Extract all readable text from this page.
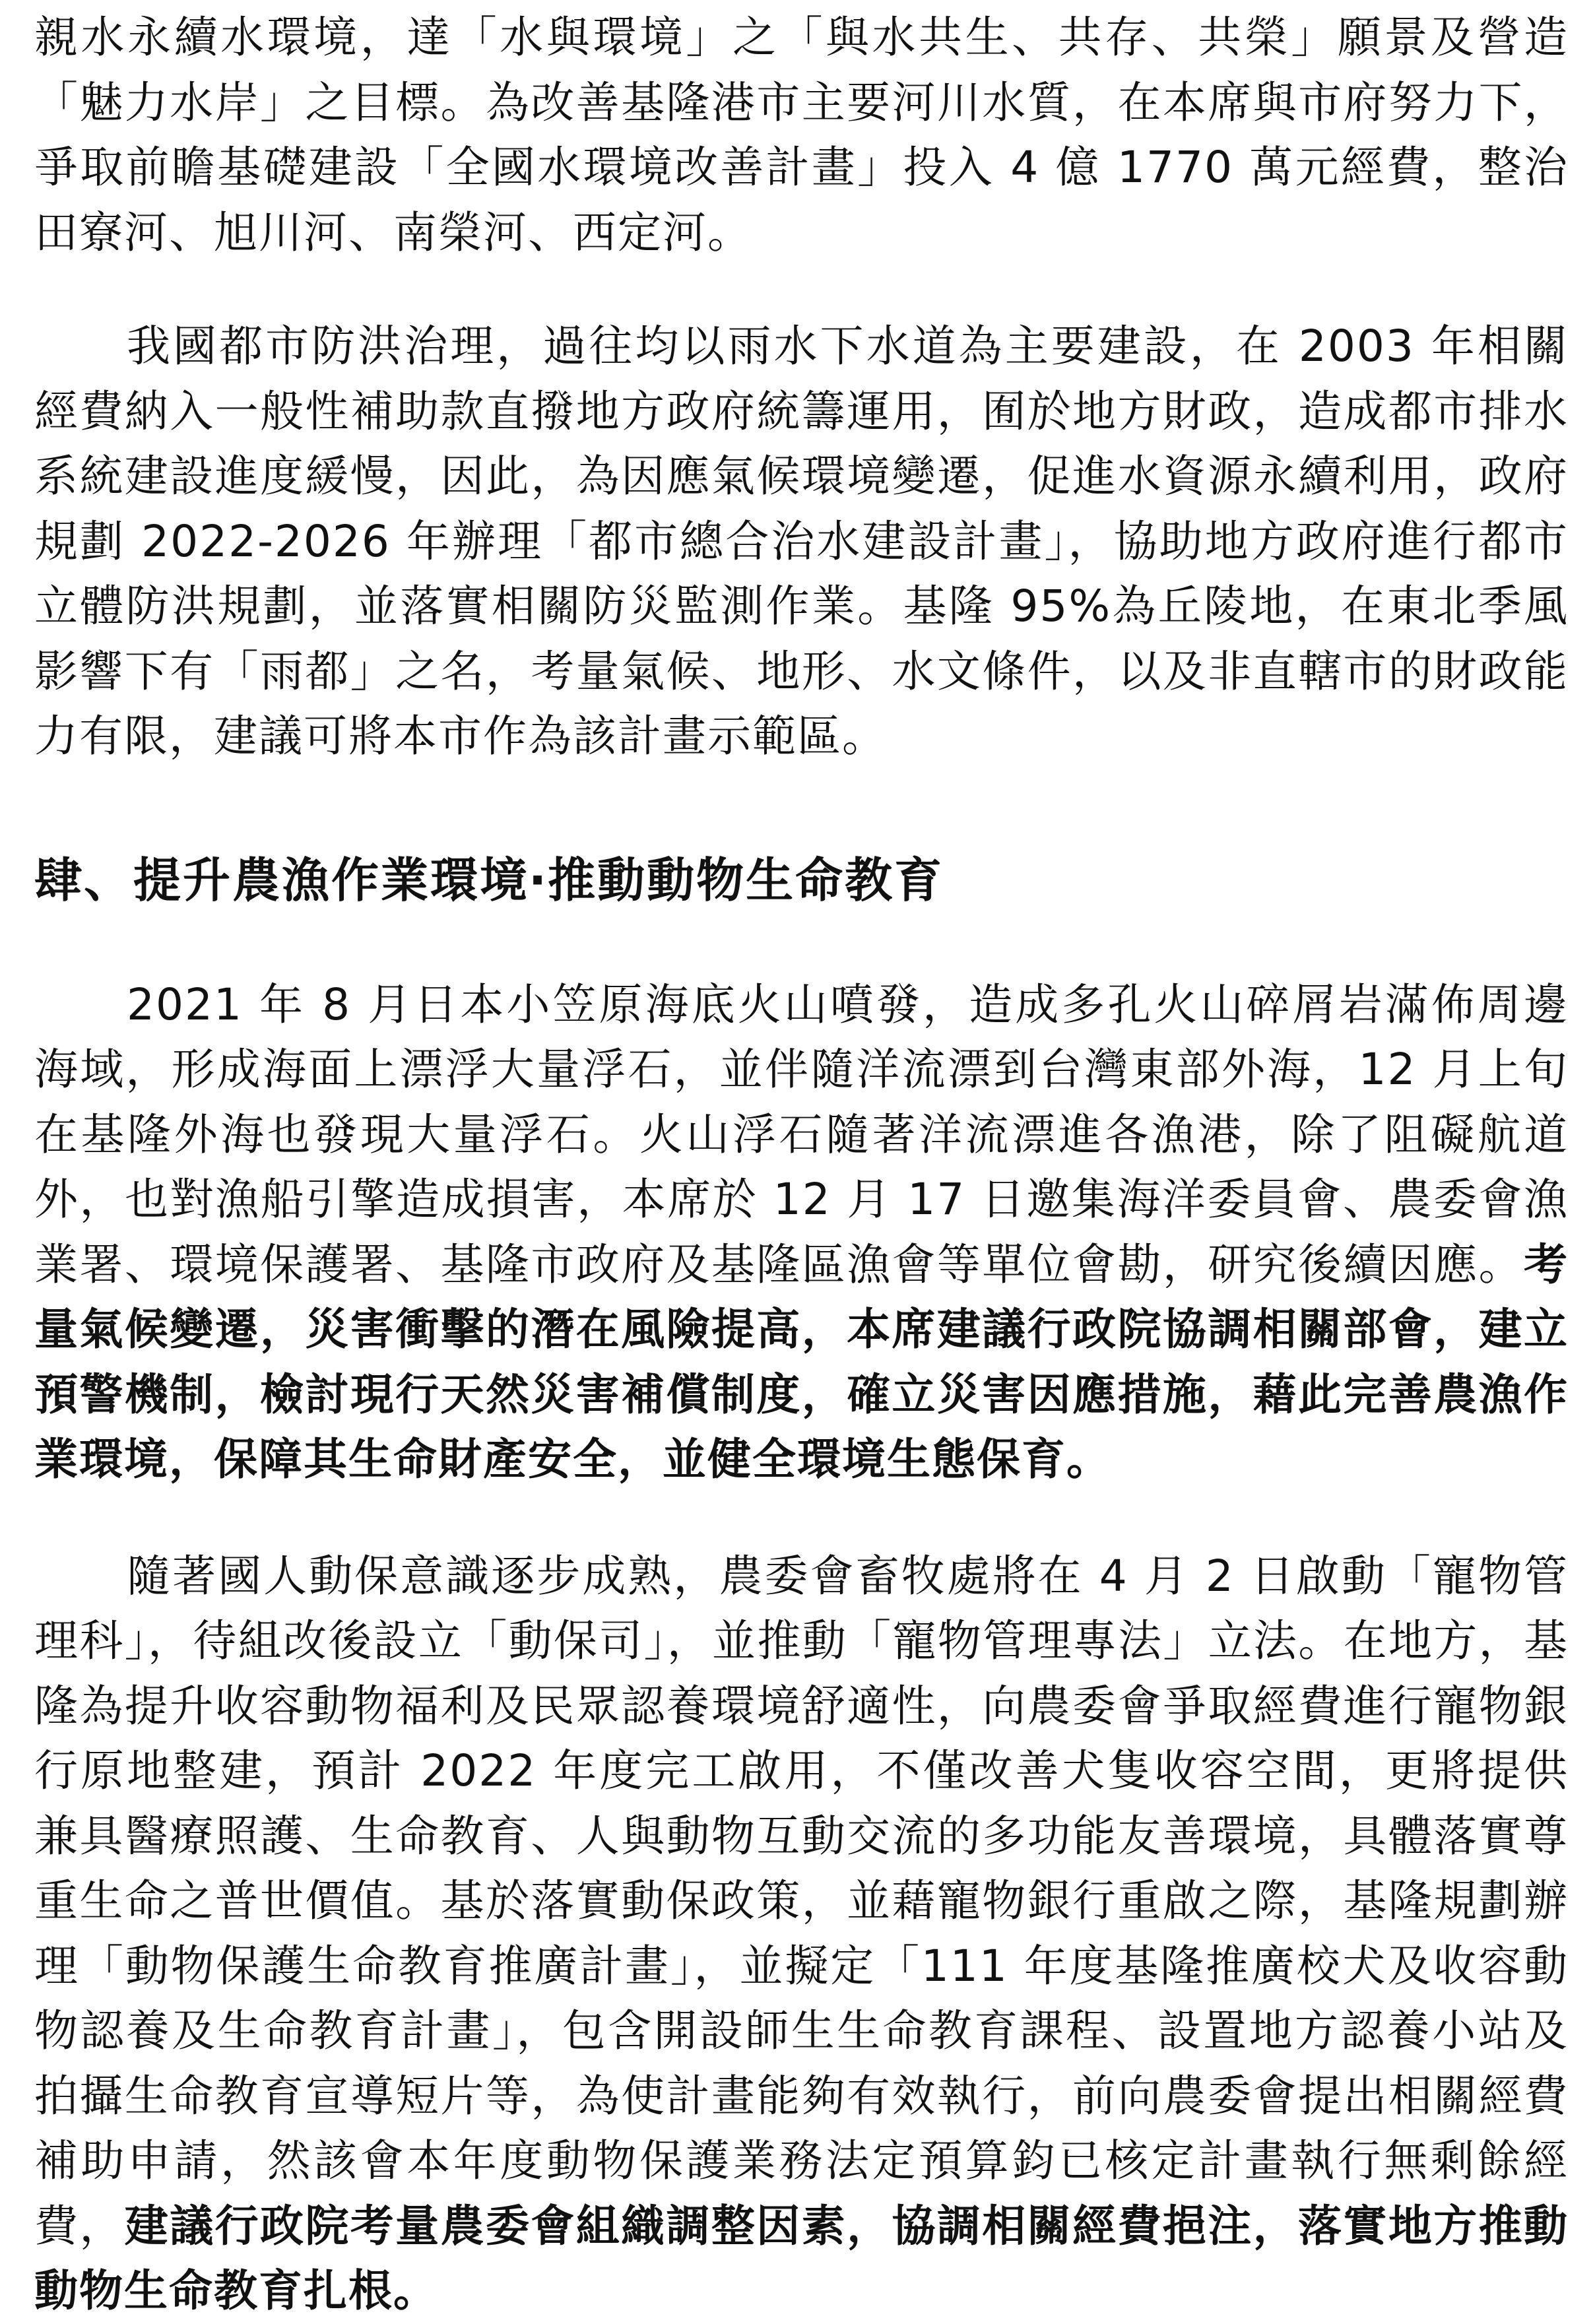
親水永續水環境，達「水與環境」之「與水共生、共存、共榮」願景及營造「魅力水岸」之目標。為改善基隆港市主要河川水質，在本席與市府努力下，爭取前瞻基礎建設「全國水環境改善計畫」投入 4 億 1770 萬元經費，整治田寮河、旭川河、南榮河、西定河。

我國都市防洪治理，過往均以雨水下水道為主要建設，在 2003 年相關經費納入一般性補助款直撥地方政府統籌運用，囿於地方財政，造成都市排水系統建設進度緩慢，因此，為因應氣候環境變遷，促進水資源永續利用，政府規劃 2022-2026 年辦理「都市總合治水建設計畫」，協助地方政府進行都市立體防洪規劃，並落實相關防災監測作業。基隆 95%為丘陵地，在東北季風影響下有「雨都」之名，考量氣候、地形、水文條件，以及非直轄市的財政能力有限，建議可將本市作為該計畫示範區。

肆、提升農漁作業環境‧推動動物生命教育

2021 年 8 月日本小笠原海底火山噴發，造成多孔火山碎屑岩滿佈周邊海域，形成海面上漂浮大量浮石，並伴隨洋流漂到台灣東部外海，12 月上旬在基隆外海也發現大量浮石。火山浮石隨著洋流漂進各漁港，除了阻礙航道外，也對漁船引擎造成損害，本席於 12 月 17 日邀集海洋委員會、農委會漁業署、環境保護署、基隆市政府及基隆區漁會等單位會勘，研究後續因應。考量氣候變遷，災害衝擊的潛在風險提高，本席建議行政院協調相關部會，建立預警機制，檢討現行天然災害補償制度，確立災害因應措施，藉此完善農漁作業環境，保障其生命財產安全，並健全環境生態保育。

隨著國人動保意識逐步成熟，農委會畜牧處將在 4 月 2 日啟動「寵物管理科」，待組改後設立「動保司」，並推動「寵物管理專法」立法。在地方，基隆為提升收容動物福利及民眾認養環境舒適性，向農委會爭取經費進行寵物銀行原地整建，預計 2022 年度完工啟用，不僅改善犬隻收容空間，更將提供兼具醫療照護、生命教育、人與動物互動交流的多功能友善環境，具體落實尊重生命之普世價值。基於落實動保政策，並藉寵物銀行重啟之際，基隆規劃辦理「動物保護生命教育推廣計畫」，並擬定「111 年度基隆推廣校犬及收容動物認養及生命教育計畫」，包含開設師生生命教育課程、設置地方認養小站及拍攝生命教育宣導短片等，為使計畫能夠有效執行，前向農委會提出相關經費補助申請，然該會本年度動物保護業務法定預算鈞已核定計畫執行無剩餘經費，建議行政院考量農委會組織調整因素，協調相關經費挹注，落實地方推動動物生命教育扎根。
